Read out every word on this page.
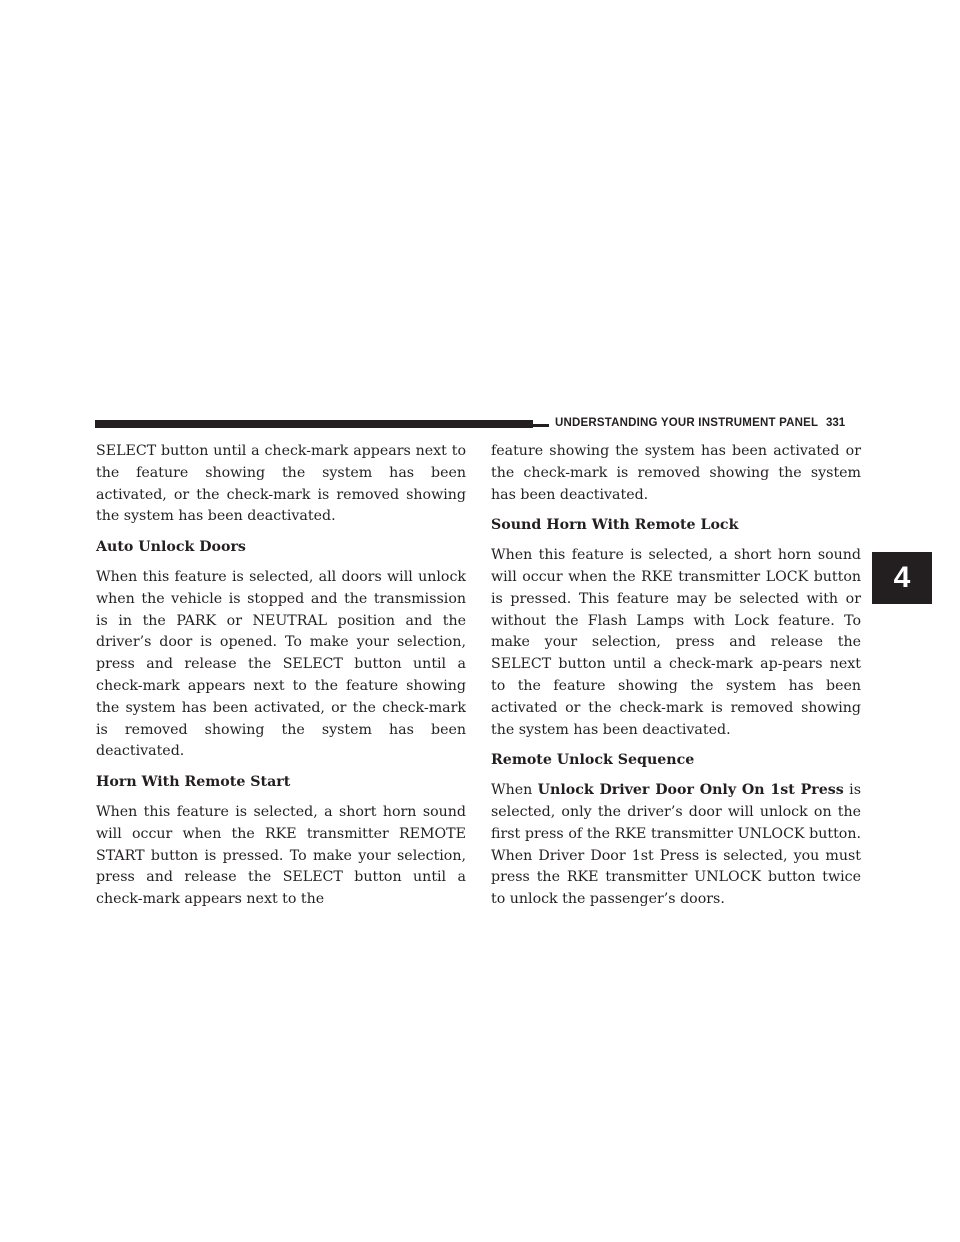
UNDERSTANDING YOUR INSTRUMENT PANEL 331
4

SELECT button until a check-mark appears next to the feature showing the system has been activated, or the check-mark is removed showing the system has been deactivated.

Auto Unlock Doors

When this feature is selected, all doors will unlock when the vehicle is stopped and the transmission is in the PARK or NEUTRAL position and the driver’s door is opened. To make your selection, press and release the SELECT button until a check-mark appears next to the feature showing the system has been activated, or the check-mark is removed showing the system has been deactivated.

Horn With Remote Start

When this feature is selected, a short horn sound will occur when the RKE transmitter REMOTE START button is pressed. To make your selection, press and release the SELECT button until a check-mark appears next to the

feature showing the system has been activated or the check-mark is removed showing the system has been deactivated.

Sound Horn With Remote Lock

When this feature is selected, a short horn sound will occur when the RKE transmitter LOCK button is pressed. This feature may be selected with or without the Flash Lamps with Lock feature. To make your selection, press and release the SELECT button until a check-mark ap-pears next to the feature showing the system has been activated or the check-mark is removed showing the system has been deactivated.

Remote Unlock Sequence

When Unlock Driver Door Only On 1st Press is selected, only the driver’s door will unlock on the first press of the RKE transmitter UNLOCK button. When Driver Door 1st Press is selected, you must press the RKE transmitter UNLOCK button twice to unlock the passenger’s doors.
